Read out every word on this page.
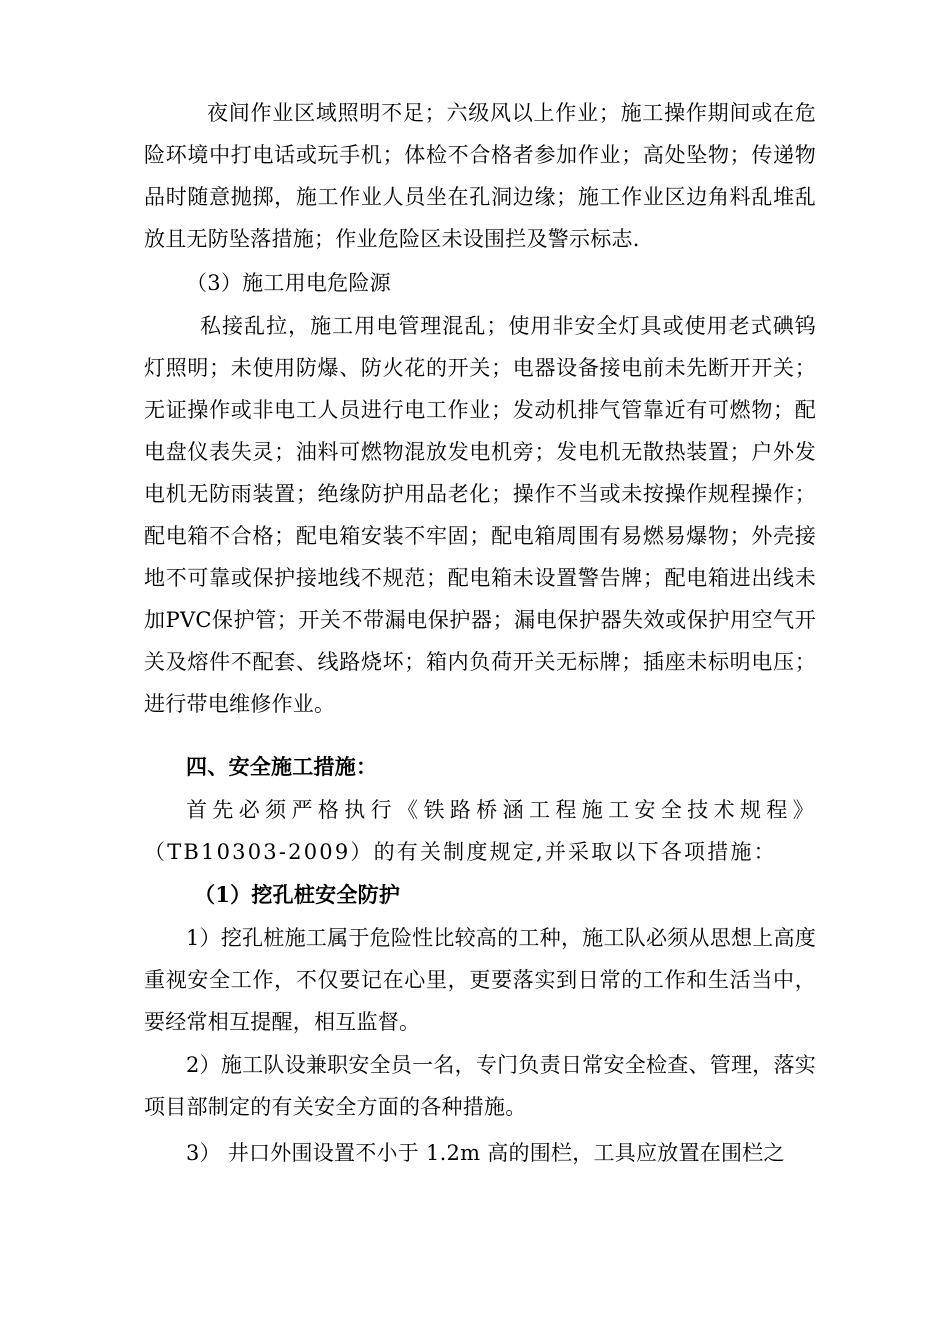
夜间作业区域照明不足；六级风以上作业；施工操作期间或在危险环境中打电话或玩手机；体检不合格者参加作业；高处坠物；传递物品时随意抛掷，施工作业人员坐在孔洞边缘；施工作业区边角料乱堆乱放且无防坠落措施；作业危险区未设围拦及警示标志.

（3）施工用电危险源

私接乱拉，施工用电管理混乱；使用非安全灯具或使用老式碘钨灯照明；未使用防爆、防火花的开关；电器设备接电前未先断开开关；无证操作或非电工人员进行电工作业；发动机排气管靠近有可燃物；配电盘仪表失灵；油料可燃物混放发电机旁；发电机无散热装置；户外发电机无防雨装置；绝缘防护用品老化；操作不当或未按操作规程操作；配电箱不合格；配电箱安装不牢固；配电箱周围有易燃易爆物；外壳接地不可靠或保护接地线不规范；配电箱未设置警告牌；配电箱进出线未加PVC保护管；开关不带漏电保护器；漏电保护器失效或保护用空气开关及熔件不配套、线路烧坏；箱内负荷开关无标牌；插座未标明电压；进行带电维修作业。

四、安全施工措施：

首先必须严格执行《铁路桥涵工程施工安全技术规程》（TB10303-2009）的有关制度规定,并采取以下各项措施：

（1）挖孔桩安全防护

1）挖孔桩施工属于危险性比较高的工种，施工队必须从思想上高度重视安全工作，不仅要记在心里，更要落实到日常的工作和生活当中，要经常相互提醒，相互监督。

2）施工队设兼职安全员一名，专门负责日常安全检查、管理，落实项目部制定的有关安全方面的各种措施。

3） 井口外围设置不小于 1.2m 高的围栏，工具应放置在围栏之
